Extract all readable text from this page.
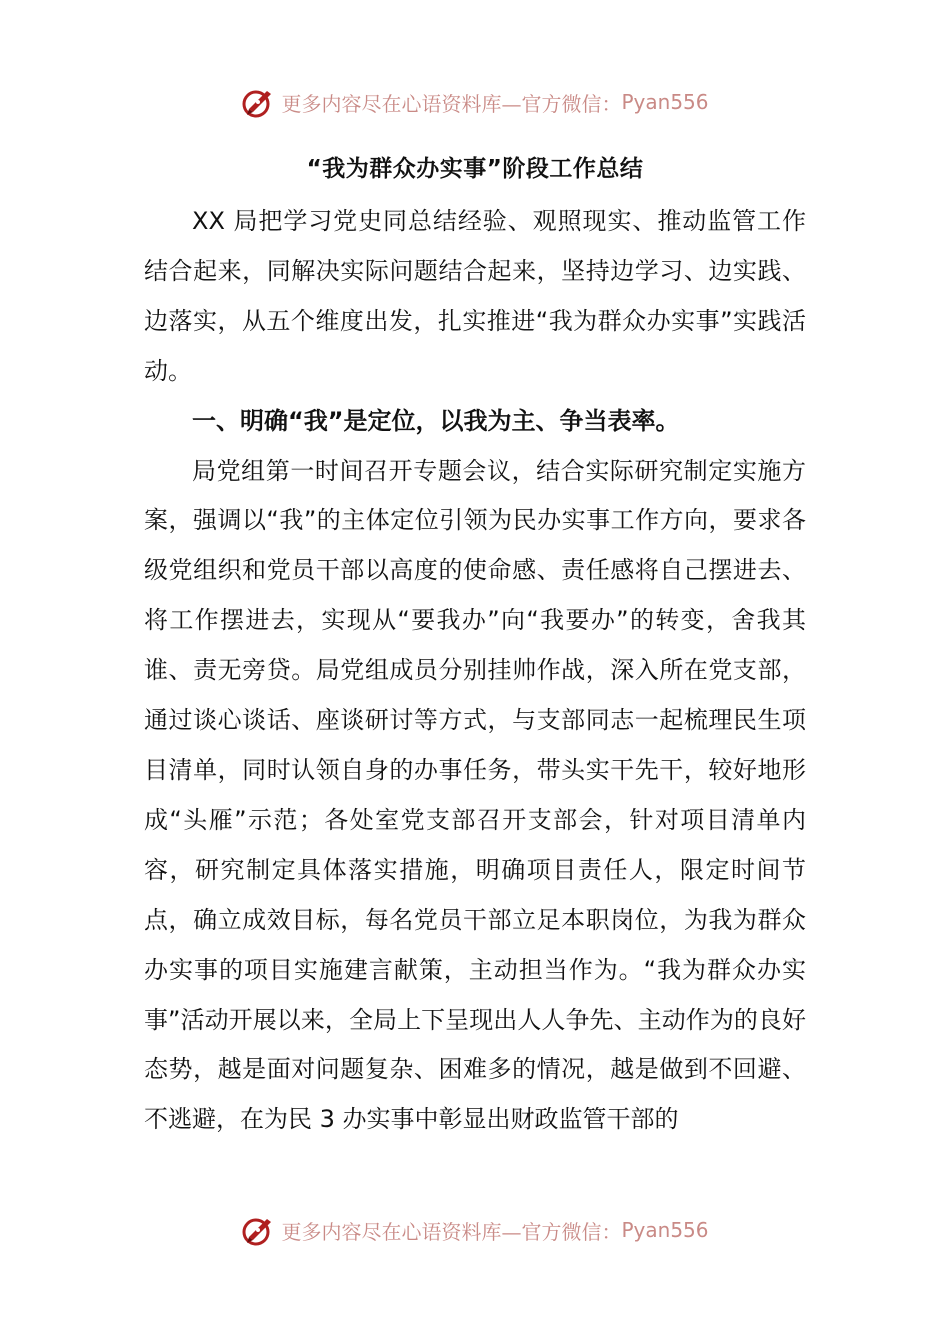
更多内容尽在心语资料库—官方微信： Pyan556
“我为群众办实事”阶段工作总结

XX 局把学习党史同总结经验、观照现实、推动监管工作结合起来，同解决实际问题结合起来，坚持边学习、边实践、边落实，从五个维度出发，扎实推进“我为群众办实事”实践活动。

一、明确“我”是定位，以我为主、争当表率。

局党组第一时间召开专题会议，结合实际研究制定实施方案，强调以“我”的主体定位引领为民办实事工作方向，要求各级党组织和党员干部以高度的使命感、责任感将自己摆进去、将工作摆进去，实现从“要我办”向“我要办”的转变，舍我其谁、责无旁贷。局党组成员分别挂帅作战，深入所在党支部，通过谈心谈话、座谈研讨等方式，与支部同志一起梳理民生项目清单，同时认领自身的办事任务，带头实干先干，较好地形成“头雁”示范；各处室党支部召开支部会，针对项目清单内容，研究制定具体落实措施，明确项目责任人，限定时间节点，确立成效目标，每名党员干部立足本职岗位，为我为群众办实事的项目实施建言献策，主动担当作为。“我为群众办实事”活动开展以来，全局上下呈现出人人争先、主动作为的良好态势，越是面对问题复杂、困难多的情况，越是做到不回避、不逃避，在为民 3 办实事中彰显出财政监管干部的

更多内容尽在心语资料库—官方微信： Pyan556
